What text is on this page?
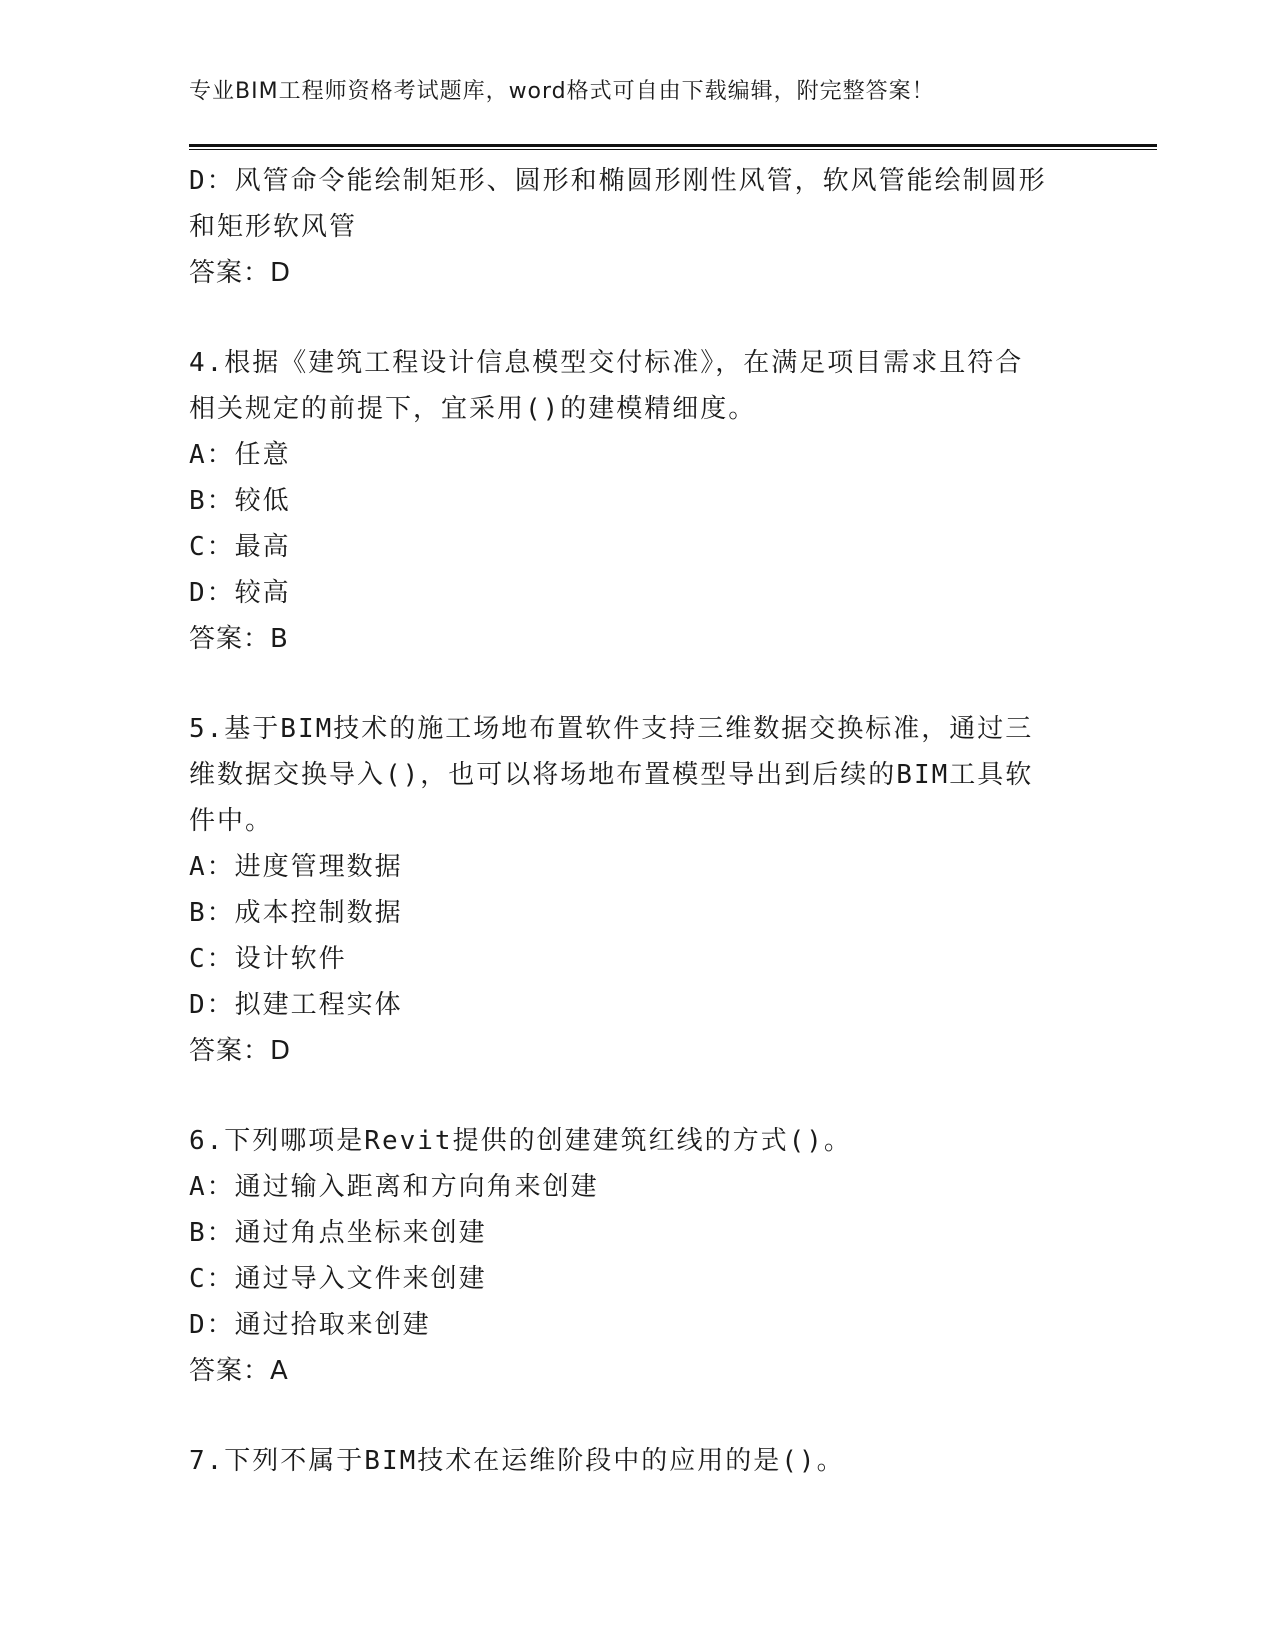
专业BIM工程师资格考试题库，word格式可自由下载编辑，附完整答案！
D：风管命令能绘制矩形、圆形和椭圆形刚性风管，软风管能绘制圆形
和矩形软风管
答案：D
4.根据《建筑工程设计信息模型交付标准》，在满足项目需求且符合
相关规定的前提下，宜采用()的建模精细度。
A：任意
B：较低
C：最高
D：较高
答案：B
5.基于BIM技术的施工场地布置软件支持三维数据交换标准，通过三
维数据交换导入()，也可以将场地布置模型导出到后续的BIM工具软
件中。
A：进度管理数据
B：成本控制数据
C：设计软件
D：拟建工程实体
答案：D
6.下列哪项是Revit提供的创建建筑红线的方式()。
A：通过输入距离和方向角来创建
B：通过角点坐标来创建
C：通过导入文件来创建
D：通过拾取来创建
答案：A
7.下列不属于BIM技术在运维阶段中的应用的是()。
